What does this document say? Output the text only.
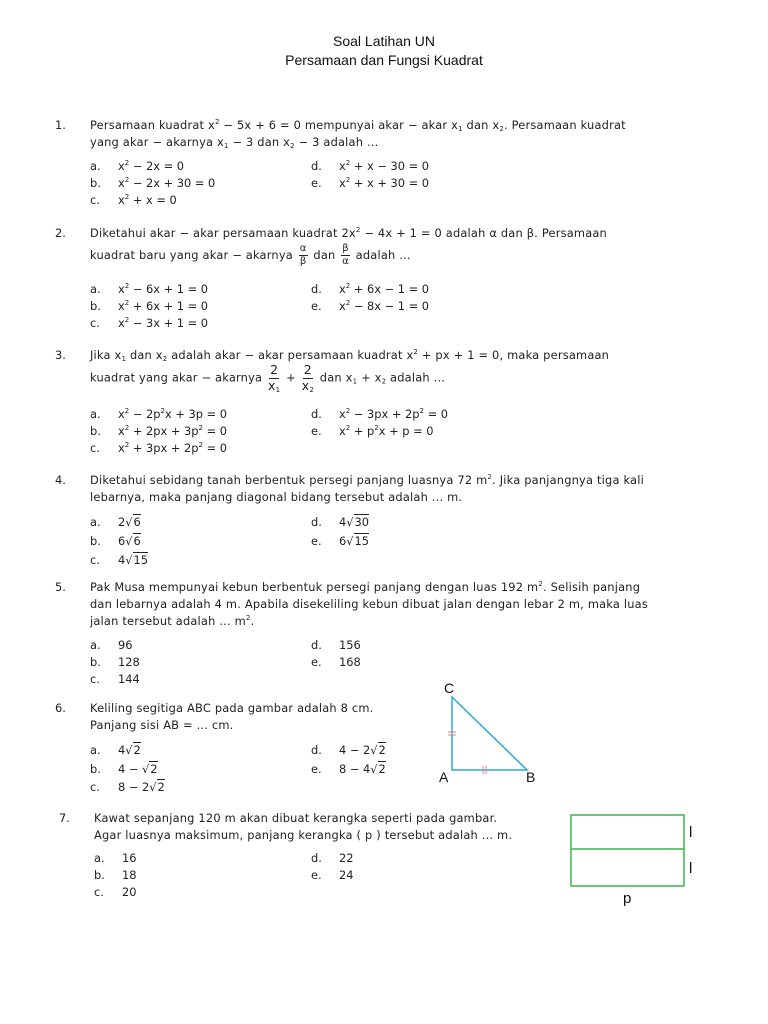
Soal Latihan UN
Persamaan dan Fungsi Kuadrat
1. Persamaan kuadrat $x^2 - 5x + 6 = 0$ mempunyai akar − akar $x_1$ dan $x_2$. Persamaan kuadrat
yang akar − akarnya $x_1 - 3$ dan $x_2 - 3$ adalah ...
a. $x^2 - 2x = 0$
b. $x^2 - 2x + 30 = 0$
c. $x^2 + x = 0$
d. $x^2 + x - 30 = 0$
e. $x^2 + x + 30 = 0$
2. Diketahui akar − akar persamaan kuadrat $2x^2 - 4x + 1 = 0$ adalah α dan β. Persamaan
kuadrat baru yang akar − akarnya $\frac{\alpha}{\beta}$ dan $\frac{\beta}{\alpha}$ adalah ...
a. $x^2 - 6x + 1 = 0$
b. $x^2 + 6x + 1 = 0$
c. $x^2 - 3x + 1 = 0$
d. $x^2 + 6x - 1 = 0$
e. $x^2 - 8x - 1 = 0$
3. Jika $x_1$ dan $x_2$ adalah akar − akar persamaan kuadrat $x^2$ + px + 1 = 0, maka persamaan
kuadrat yang akar − akarnya $\frac{2}{x_1} + \frac{2}{x_2}$ dan $x_1 + x_2$ adalah ...
a. $x^2 - 2p^2x + 3p = 0$
b. $x^2 + 2px + 3p^2 = 0$
c. $x^2 + 3px + 2p^2 = 0$
d. $x^2 - 3px + 2p^2 = 0$
e. $x^2 + p^2x + p = 0$
4. Diketahui sebidang tanah berbentuk persegi panjang luasnya 72 $m^2$. Jika panjangnya tiga kali
lebarnya, maka panjang diagonal bidang tersebut adalah ... m.
a. 2√6
b. 6√6
c. 4√15
d. 4√30
e. 6√15
5. Pak Musa mempunyai kebun berbentuk persegi panjang dengan luas 192 $m^2$. Selisih panjang
dan lebarnya adalah 4 m. Apabila disekeliling kebun dibuat jalan dengan lebar 2 m, maka luas
jalan tersebut adalah ... $m^2$.
a. 96
b. 128
c. 144
d. 156
e. 168
6. Keliling segitiga ABC pada gambar adalah 8 cm.
Panjang sisi AB = ... cm.
a. 4√2
b. 4 − √2
c. 8 − 2√2
d. 4 − 2√2
e. 8 − 4√2
C
A	B
7. Kawat sepanjang 120 m akan dibuat kerangka seperti pada gambar.
Agar luasnya maksimum, panjang kerangka ( p ) tersebut adalah ... m.
a. 16
b. 18
c. 20
d. 22
e. 24
l
l
p
